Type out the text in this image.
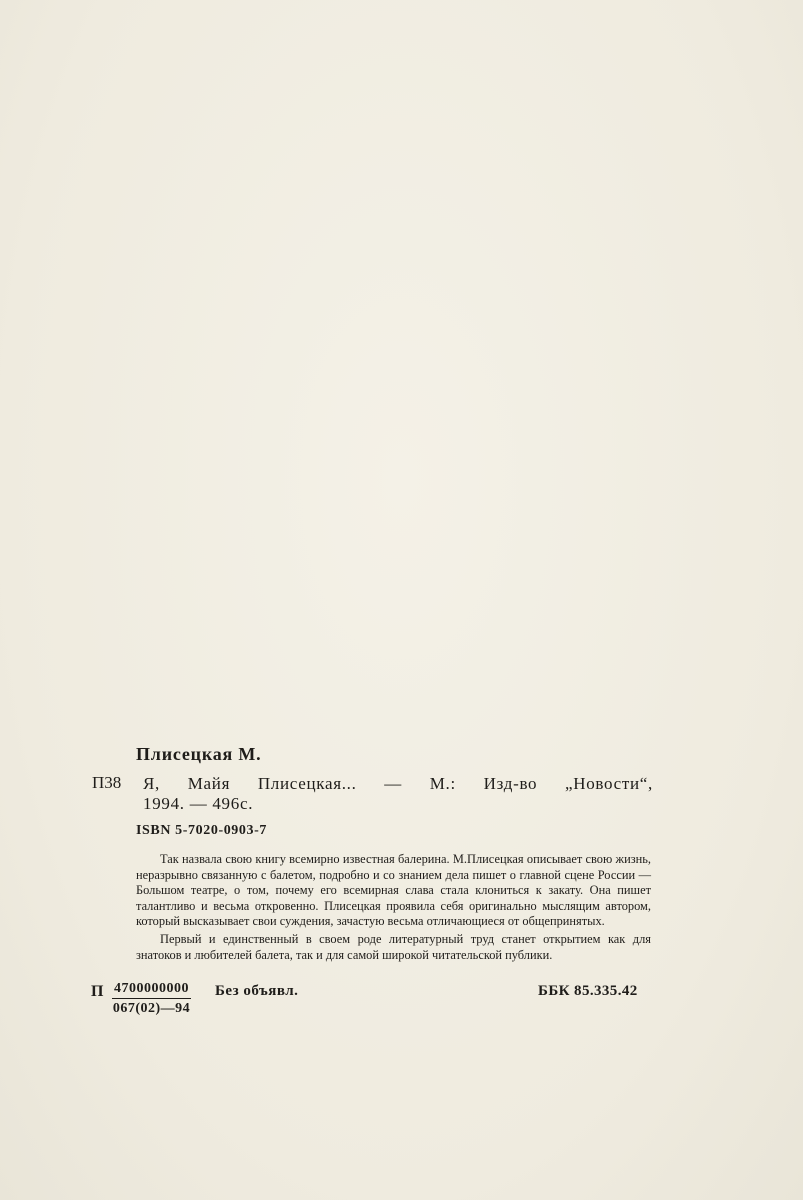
Плисецкая М.
П38 Я, Майя Плисецкая... — М.: Изд-во „Новости“,
1994. — 496с.
ISBN 5-7020-0903-7

Так назвала свою книгу всемирно известная балерина. М.Плисецкая описывает свою жизнь, неразрывно связанную с балетом, подробно и со знанием дела пишет о главной сцене России — Большом театре, о том, почему его всемирная слава стала клониться к закату. Она пишет талантливо и весьма откровенно. Плисецкая проявила себя оригинально мыслящим автором, который высказывает свои суждения, зачастую весьма отличающиеся от общепринятых.

Первый и единственный в своем роде литературный труд станет открытием как для знатоков и любителей балета, так и для самой широкой читательской публики.

П $\frac{4700000000}{067(02)—94}$ Без объявл.	ББК 85.335.42
